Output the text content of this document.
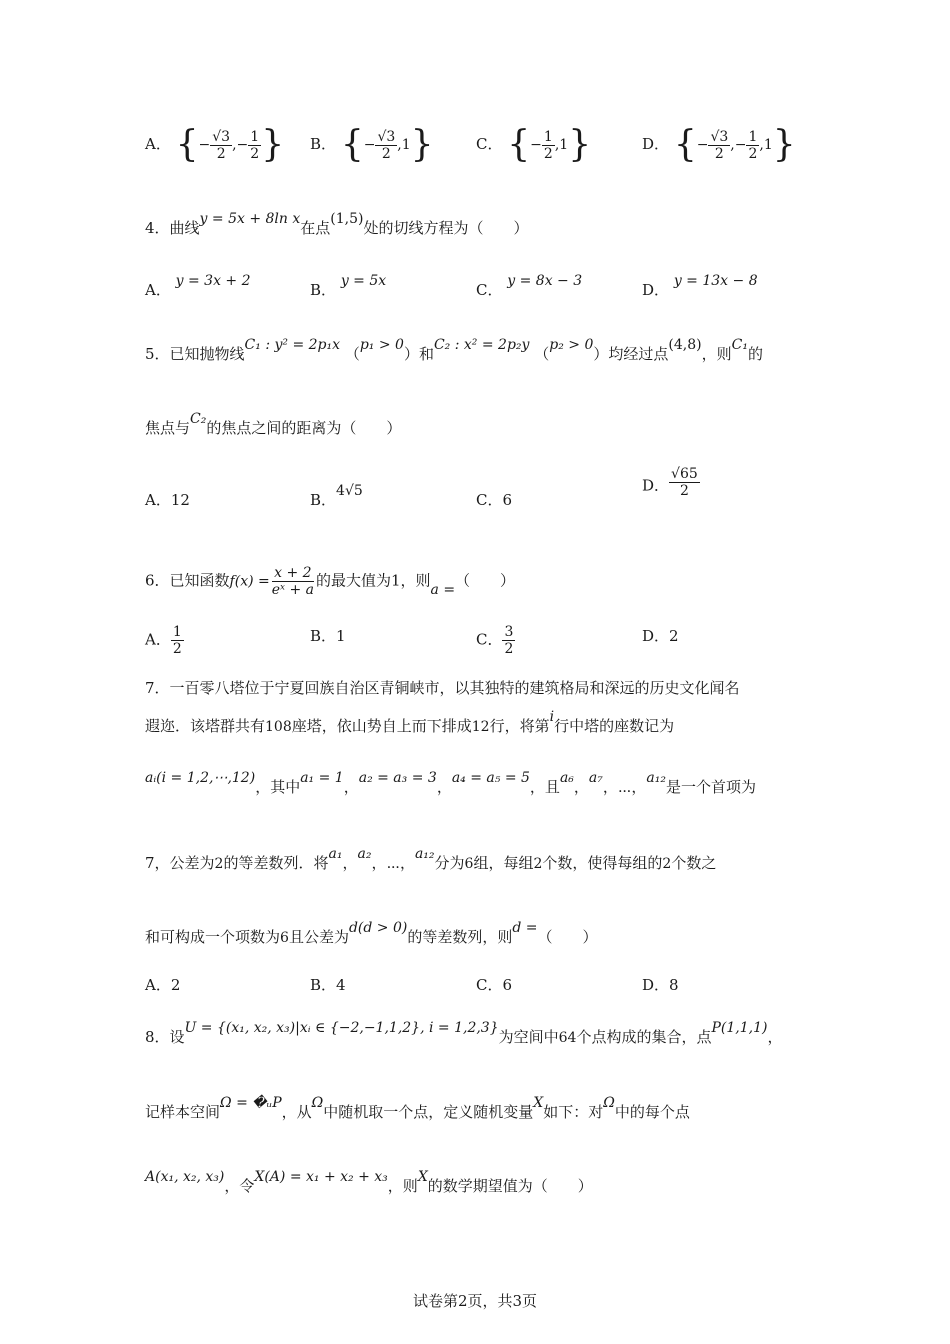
A． {− $\frac{√3}{2}$ ,− $\frac{1}{2}$ } B． {− $\frac{√3}{2} ,1$}	C． {− $\frac{1}{2} ,1$}	D． {− $\frac{√3}{2}$ ,− $\frac{1}{2} ,1$}
4．曲线y = 5x + 8ln x在点(1,5)处的切线方程为（　　）
A． y = 3x + 2	B． y = 5x	C． y = 8x − 3	D． y = 13x − 8
5．已知抛物线C₁ : y² = 2p₁x （p₁ > 0）和C₂ : x² = 2p₂y （p₂ > 0）均经过点(4,8)，则C₁的
焦点与C₂的焦点之间的距离为（　　）
A．12	B．4√5	C．6
D． $\frac{√65}{2}$
6．已知函数$f(x) = \frac{x + 2}{\text{eˣ + a}}$ 的最大值为1，则a =（　　）
A． $\frac{1}{2}$	B．1	C． $\frac{3}{2}$	D．2
7．一百零八塔位于宁夏回族自治区青铜峡市，以其独特的建筑格局和深远的历史文化闻名
遐迩．该塔群共有108座塔，依山势自上而下排成12行，将第i行中塔的座数记为
aᵢ(i = 1,2,⋯,12)，其中a₁ = 1，a₂ = a₃ = 3，a₄ = a₅ = 5，且a₆，a₇，⋯，a₁₂是一个首项为
7，公差为2的等差数列．将a₁，a₂，⋯，a₁₂分为6组，每组2个数，使得每组的2个数之
和可构成一个项数为6且公差为d(d > 0)的等差数列，则d =（　　）
A．2	B．4	C．6	D．8
8．设U = {(x₁, x₂, x₃)|xᵢ ∈ {−2,−1,1,2}, i = 1,2,3}为空间中64个点构成的集合，点P(1,1,1)，
记样本空间Ω = �ᵤP，从Ω中随机取一个点，定义随机变量X如下：对Ω中的每个点
A(x₁, x₂, x₃)，令X(A) = x₁ + x₂ + x₃，则X的数学期望值为（　　）
试卷第2页，共3页
